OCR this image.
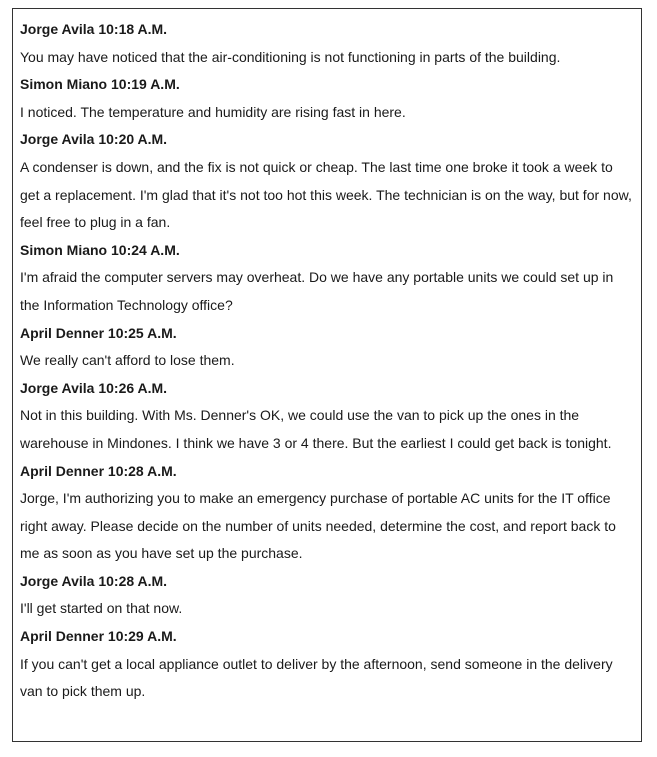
Jorge Avila 10:18 A.M.
You may have noticed that the air-conditioning is not functioning in parts of the building.
Simon Miano 10:19 A.M.
I noticed. The temperature and humidity are rising fast in here.
Jorge Avila 10:20 A.M.
A condenser is down, and the fix is not quick or cheap. The last time one broke it took a week to get a replacement. I'm glad that it's not too hot this week. The technician is on the way, but for now, feel free to plug in a fan.
Simon Miano 10:24 A.M.
I'm afraid the computer servers may overheat. Do we have any portable units we could set up in the Information Technology office?
April Denner 10:25 A.M.
We really can't afford to lose them.
Jorge Avila 10:26 A.M.
Not in this building. With Ms. Denner's OK, we could use the van to pick up the ones in the warehouse in Mindones. I think we have 3 or 4 there. But the earliest I could get back is tonight.
April Denner 10:28 A.M.
Jorge, I'm authorizing you to make an emergency purchase of portable AC units for the IT office right away. Please decide on the number of units needed, determine the cost, and report back to me as soon as you have set up the purchase.
Jorge Avila 10:28 A.M.
I'll get started on that now.
April Denner 10:29 A.M.
If you can't get a local appliance outlet to deliver by the afternoon, send someone in the delivery van to pick them up.
